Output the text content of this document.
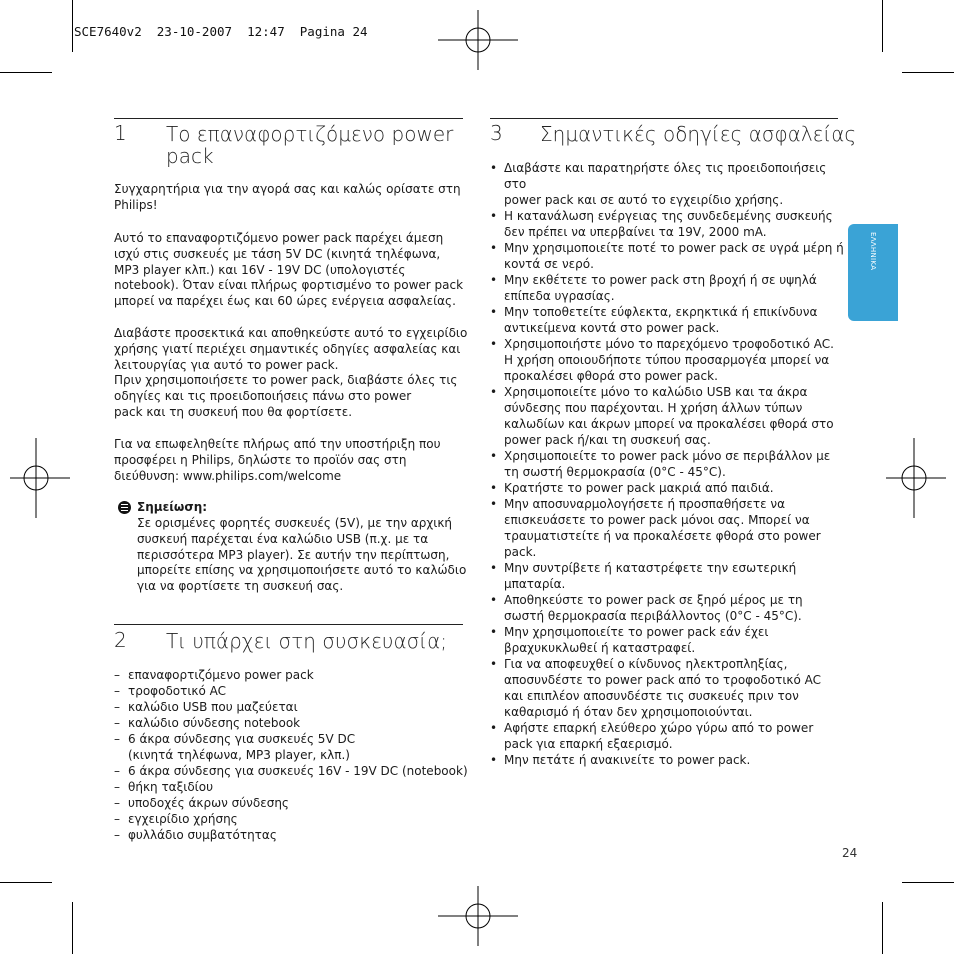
SCE7640v2  23-10-2007  12:47  Pagina 24
ΕΛΛΗΝΙΚΑ
1 Το επαναφορτιζόμενο power
pack
Συγχαρητήρια για την αγορά σας και καλώς ορίσατε στη
Philips!
Αυτό το επαναφορτιζόμενο power pack παρέχει άμεση
ισχύ στις συσκευές με τάση 5V DC (κινητά τηλέφωνα,
MP3 player κλπ.) και 16V - 19V DC (υπολογιστές
notebook). Όταν είναι πλήρως φορτισμένο το power pack
μπορεί να παρέχει έως και 60 ώρες ενέργεια ασφαλείας.
Διαβάστε προσεκτικά και αποθηκεύστε αυτό το εγχειρίδιο
χρήσης γιατί περιέχει σημαντικές οδηγίες ασφαλείας και
λειτουργίας για αυτό το power pack.
Πριν χρησιμοποιήσετε το power pack, διαβάστε όλες τις
οδηγίες και τις προειδοποιήσεις πάνω στο power
pack και τη συσκευή που θα φορτίσετε.
Για να επωφεληθείτε πλήρως από την υποστήριξη που
προσφέρει η Philips, δηλώστε το προϊόν σας στη
διεύθυνση: www.philips.com/welcome
Σημείωση:
Σε ορισμένες φορητές συσκευές (5V), με την αρχική
συσκευή παρέχεται ένα καλώδιο USB (π.χ. με τα
περισσότερα MP3 player). Σε αυτήν την περίπτωση,
μπορείτε επίσης να χρησιμοποιήσετε αυτό το καλώδιο
για να φορτίσετε τη συσκευή σας.
2 Τι υπάρχει στη συσκευασία;
– επαναφορτιζόμενο power pack
– τροφοδοτικό AC
– καλώδιο USB που μαζεύεται
– καλώδιο σύνδεσης notebook
– 6 άκρα σύνδεσης για συσκευές 5V DC
(κινητά τηλέφωνα, MP3 player, κλπ.)
– 6 άκρα σύνδεσης για συσκευές 16V - 19V DC (notebook)
– θήκη ταξιδίου
– υποδοχές άκρων σύνδεσης
– εγχειρίδιο χρήσης
– φυλλάδιο συμβατότητας
3 Σημαντικές οδηγίες ασφαλείας
• Διαβάστε και παρατηρήστε όλες τις προειδοποιήσεις στο
power pack και σε αυτό το εγχειρίδιο χρήσης.
• Η κατανάλωση ενέργειας της συνδεδεμένης συσκευής
δεν πρέπει να υπερβαίνει τα 19V, 2000 mA.
• Μην χρησιμοποιείτε ποτέ το power pack σε υγρά μέρη ή
κοντά σε νερό.
• Μην εκθέτετε το power pack στη βροχή ή σε υψηλά
επίπεδα υγρασίας.
• Μην τοποθετείτε εύφλεκτα, εκρηκτικά ή επικίνδυνα
αντικείμενα κοντά στο power pack.
• Χρησιμοποιήστε μόνο το παρεχόμενο τροφοδοτικό AC.
Η χρήση οποιουδήποτε τύπου προσαρμογέα μπορεί να
προκαλέσει φθορά στο power pack.
• Χρησιμοποιείτε μόνο το καλώδιο USB και τα άκρα
σύνδεσης που παρέχονται. Η χρήση άλλων τύπων
καλωδίων και άκρων μπορεί να προκαλέσει φθορά στο
power pack ή/και τη συσκευή σας.
• Χρησιμοποιείτε το power pack μόνο σε περιβάλλον με
τη σωστή θερμοκρασία (0°C - 45°C).
• Κρατήστε το power pack μακριά από παιδιά.
• Μην αποσυναρμολογήσετε ή προσπαθήσετε να
επισκευάσετε το power pack μόνοι σας. Μπορεί να
τραυματιστείτε ή να προκαλέσετε φθορά στο power pack.
• Μην συντρίβετε ή καταστρέφετε την εσωτερική μπαταρία.
• Αποθηκεύστε το power pack σε ξηρό μέρος με τη
σωστή θερμοκρασία περιβάλλοντος (0°C - 45°C).
• Μην χρησιμοποιείτε το power pack εάν έχει
βραχυκυκλωθεί ή καταστραφεί.
• Για να αποφευχθεί ο κίνδυνος ηλεκτροπληξίας,
αποσυνδέστε το power pack από το τροφοδοτικό AC
και επιπλέον αποσυνδέστε τις συσκευές πριν τον
καθαρισμό ή όταν δεν χρησιμοποιούνται.
• Αφήστε επαρκή ελεύθερο χώρο γύρω από το power
pack για επαρκή εξαερισμό.
• Μην πετάτε ή ανακινείτε το power pack.
24
